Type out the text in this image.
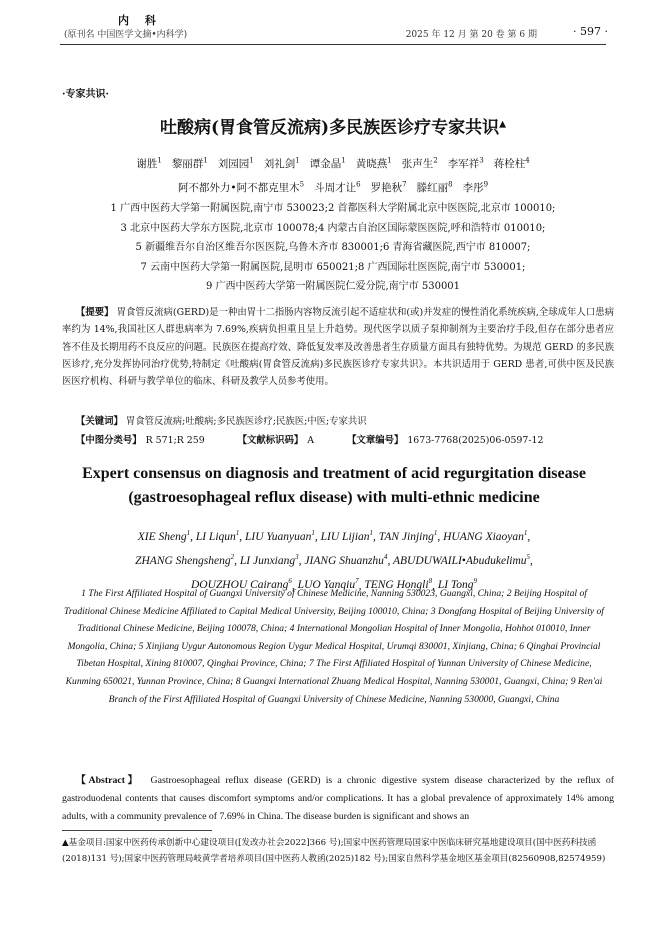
内 科
(原刊名 中国医学文摘•内科学)	2025 年 12 月 第 20 卷 第 6 期	· 597 ·
·专家共识·
吐酸病(胃食管反流病)多民族医诊疗专家共识▲
谢胜$^1$ 黎丽群$^1$ 刘园园$^1$ 刘礼剑$^1$ 谭金晶$^1$ 黄晓燕$^1$ 张声生$^2$ 李军祥$^3$ 蒋栓柱$^4$
阿不都外力•阿不都克里木$^5$ 斗周才让$^6$ 罗艳秋$^7$ 滕红丽$^8$ 李彤$^9$
1 广西中医药大学第一附属医院,南宁市 530023;2 首都医科大学附属北京中医医院,北京市 100010;
3 北京中医药大学东方医院,北京市 100078;4 内蒙古自治区国际蒙医医院,呼和浩特市 010010;
5 新疆维吾尔自治区维吾尔医医院,乌鲁木齐市 830001;6 青海省藏医院,西宁市 810007;
7 云南中医药大学第一附属医院,昆明市 650021;8 广西国际壮医医院,南宁市 530001;
9 广西中医药大学第一附属医院仁爱分院,南宁市 530001
【提要】 胃食管反流病(GERD)是一种由胃十二指肠内容物反流引起不适症状和(或)并发症的慢性消化系统疾病,全球成年人口患病率约为 14%,我国社区人群患病率为 7.69%,疾病负担重且呈上升趋势。现代医学以质子泵抑制剂为主要治疗手段,但存在部分患者应答不佳及长期用药不良反应的问题。民族医在提高疗效、降低复发率及改善患者生存质量方面具有独特优势。为规范 GERD 的多民族医诊疗,充分发挥协同治疗优势,特制定《吐酸病(胃食管反流病)多民族医诊疗专家共识》。本共识适用于 GERD 患者,可供中医及民族医医疗机构、科研与教学单位的临床、科研及教学人员参考使用。
【关键词】 胃食管反流病;吐酸病;多民族医诊疗;民族医;中医;专家共识
【中图分类号】 R 571;R 259	【文献标识码】 A	【文章编号】 1673-7768(2025)06-0597-12
Expert consensus on diagnosis and treatment of acid regurgitation disease
(gastroesophageal reflux disease) with multi-ethnic medicine
XIE Sheng$^1$, LI Liqun$^1$, LIU Yuanyuan$^1$, LIU Lijian$^1$, TAN Jinjing$^1$, HUANG Xiaoyan$^1$,
ZHANG Shengsheng$^2$, LI Junxiang$^3$, JIANG Shuanzhu$^4$, ABUDUWAILI•Abudukelimu$^5$,
DOUZHOU Cairang$^6$, LUO Yanqiu$^7$, TENG Hongli$^8$, LI Tong$^9$
1 The First Affiliated Hospital of Guangxi University of Chinese Medicine, Nanning 530023, Guangxi, China; 2 Beijing Hospital of Traditional Chinese Medicine Affiliated to Capital Medical University, Beijing 100010, China; 3 Dongfang Hospital of Beijing University of Traditional Chinese Medicine, Beijing 100078, China; 4 International Mongolian Hospital of Inner Mongolia, Hohhot 010010, Inner Mongolia, China; 5 Xinjiang Uygur Autonomous Region Uygur Medical Hospital, Urumqi 830001, Xinjiang, China; 6 Qinghai Provincial Tibetan Hospital, Xining 810007, Qinghai Province, China; 7 The First Affiliated Hospital of Yunnan University of Chinese Medicine, Kunming 650021, Yunnan Province, China; 8 Guangxi International Zhuang Medical Hospital, Nanning 530001, Guangxi, China; 9 Ren'ai Branch of the First Affiliated Hospital of Guangxi University of Chinese Medicine, Nanning 530000, Guangxi, China
【Abstract】 Gastroesophageal reflux disease (GERD) is a chronic digestive system disease characterized by the reflux of gastroduodenal contents that causes discomfort symptoms and/or complications. It has a global prevalence of approximately 14% among adults, with a community prevalence of 7.69% in China. The disease burden is significant and shows an
▲基金项目:国家中医药传承创新中心建设项目([发改办社会2022]366 号);国家中医药管理局国家中医临床研究基地建设项目(国中医药科技函(2018)131 号);国家中医药管理局岐黄学者培养项目(国中医药人教函(2025)182 号);国家自然科学基金地区基金项目(82560908,82574959)
